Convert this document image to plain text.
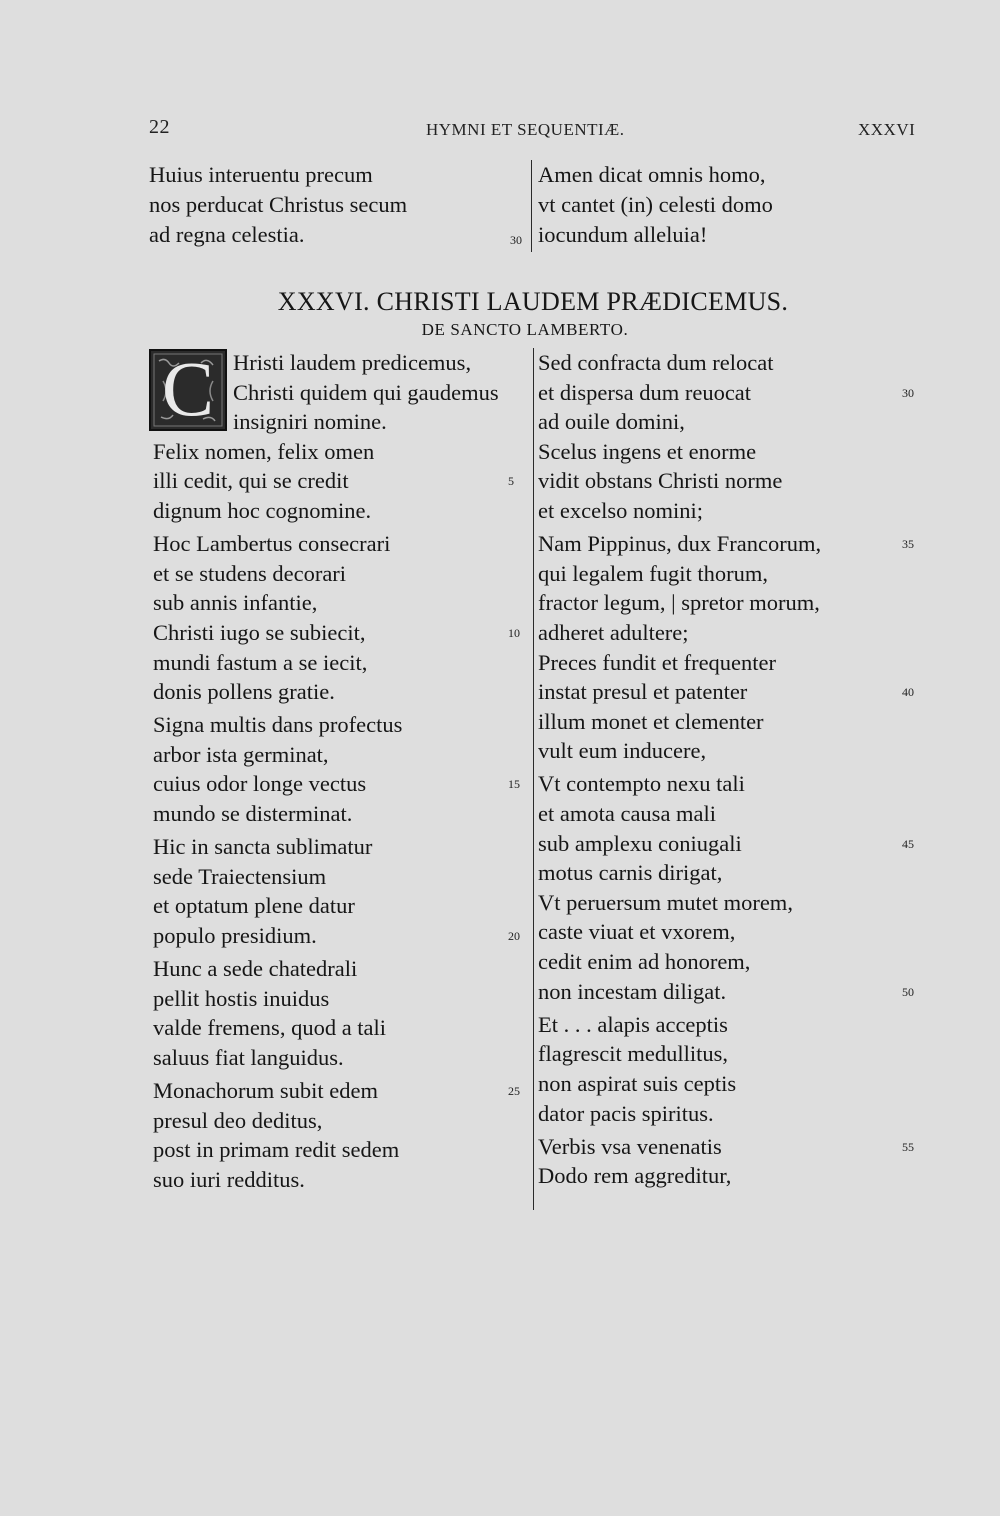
22	HYMNI ET SEQUENTIÆ.	XXXVI
Huius interuentu precum
nos perducat Christus secum
ad regna celestia.	30
Amen dicat omnis homo,
vt cantet (in) celesti domo
iocundum alleluia!
XXXVI. CHRISTI LAUDEM PRÆDICEMUS.
DE SANCTO LAMBERTO.
C Hristi laudem predicemus,
Christi quidem qui gaudemus
insigniri nomine.
Felix nomen, felix omen
illi cedit, qui se credit
dignum hoc cognomine.
Hoc Lambertus consecrari
et se studens decorari
sub annis infantie,
Christi iugo se subiecit,
mundi fastum a se iecit,
donis pollens gratie.
Signa multis dans profectus
arbor ista germinat,
cuius odor longe vectus
mundo se disterminat.
Hic in sancta sublimatur
sede Traiectensium
et optatum plene datur
populo presidium.
Hunc a sede chatedrali
pellit hostis inuidus
valde fremens, quod a tali
saluus fiat languidus.
Monachorum subit edem
presul deo deditus,
post in primam redit sedem
suo iuri redditus.
5
10
15
20
25
Sed confracta dum relocat
et dispersa dum reuocat
ad ouile domini,
Scelus ingens et enorme
vidit obstans Christi norme
et excelso nomini;
Nam Pippinus, dux Francorum,
qui legalem fugit thorum,
fractor legum, | spretor morum,
adheret adultere;
Preces fundit et frequenter
instat presul et patenter
illum monet et clementer
vult eum inducere,
Vt contempto nexu tali
et amota causa mali
sub amplexu coniugali
motus carnis dirigat,
Vt peruersum mutet morem,
caste viuat et vxorem,
cedit enim ad honorem,
non incestam diligat.
Et . . . alapis acceptis
flagrescit medullitus,
non aspirat suis ceptis
dator pacis spiritus.
Verbis vsa venenatis
Dodo rem aggreditur,
30
35
40
45
50
55
